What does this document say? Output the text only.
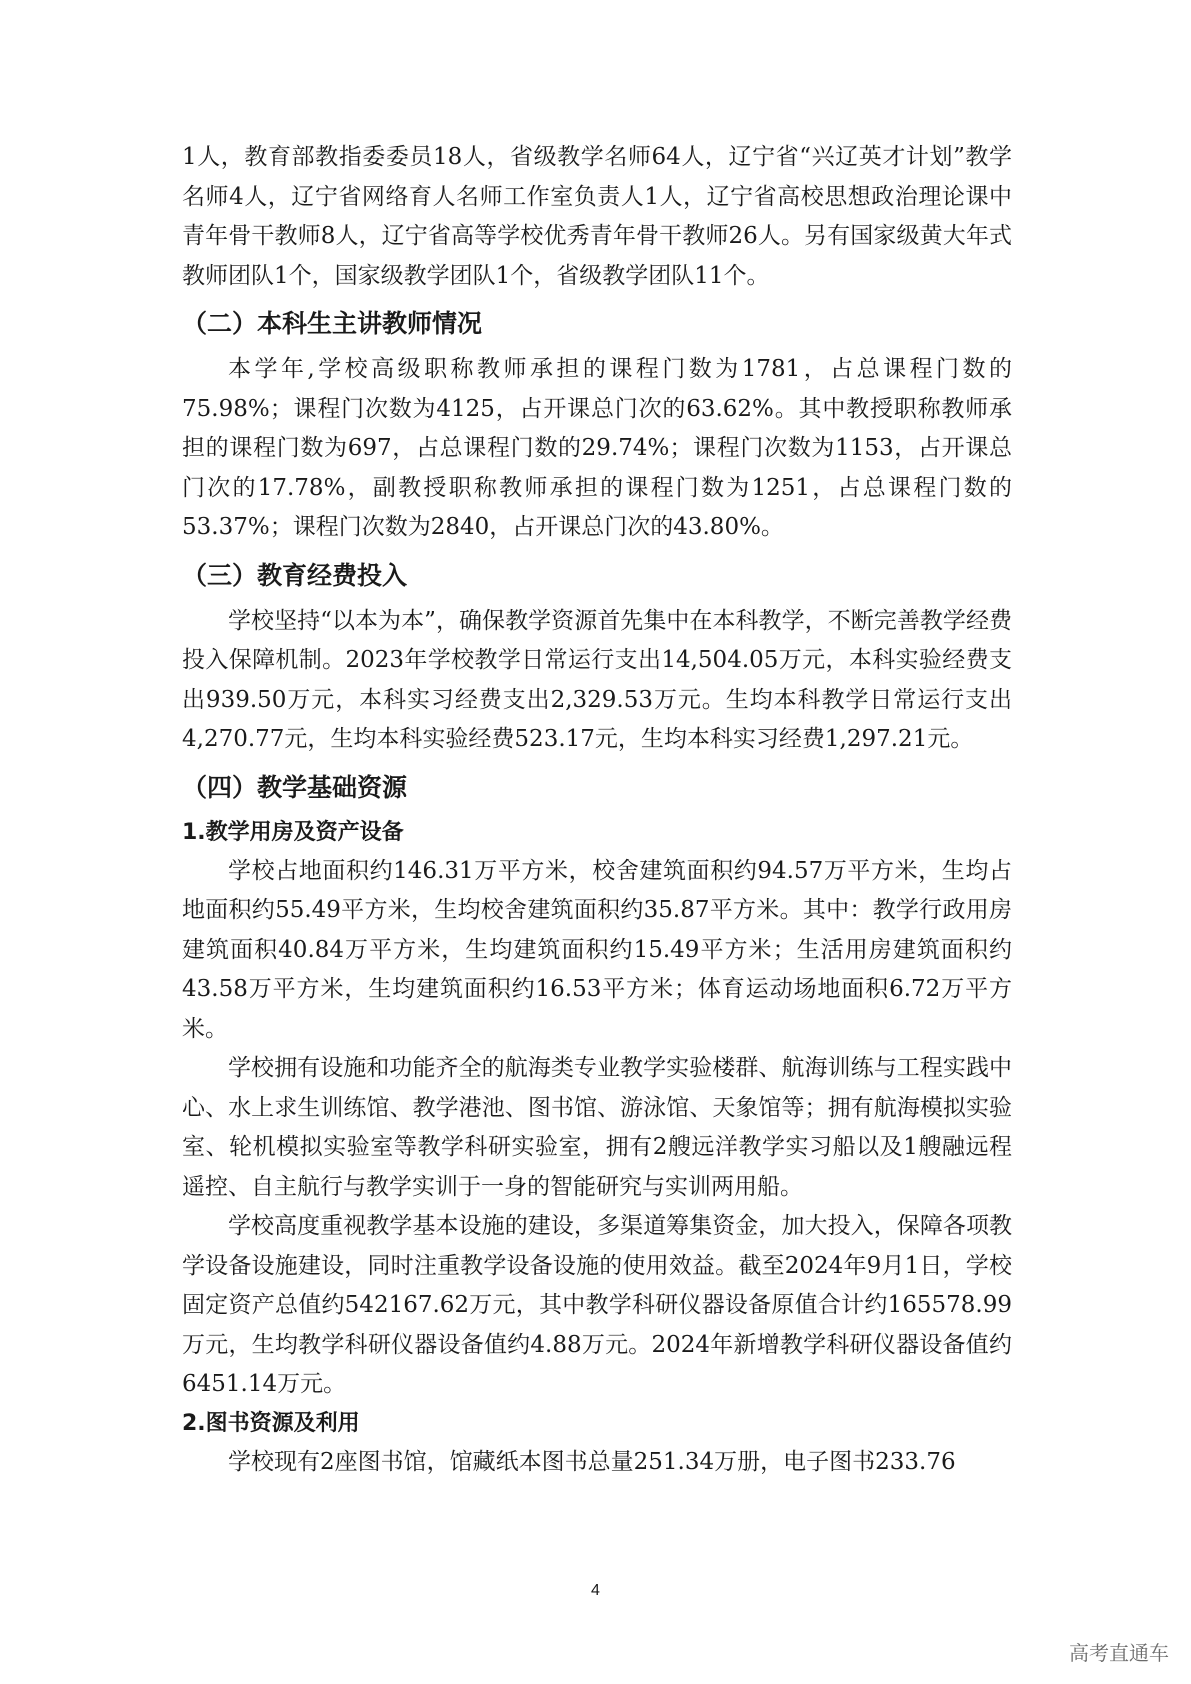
1人，教育部教指委委员18人，省级教学名师64人，辽宁省“兴辽英才计划”教学名师4人，辽宁省网络育人名师工作室负责人1人，辽宁省高校思想政治理论课中青年骨干教师8人，辽宁省高等学校优秀青年骨干教师26人。另有国家级黄大年式教师团队1个，国家级教学团队1个，省级教学团队11个。

（二）本科生主讲教师情况

本学年,学校高级职称教师承担的课程门数为1781，占总课程门数的75.98%；课程门次数为4125，占开课总门次的63.62%。其中教授职称教师承担的课程门数为697，占总课程门数的29.74%；课程门次数为1153，占开课总门次的17.78%，副教授职称教师承担的课程门数为1251，占总课程门数的53.37%；课程门次数为2840，占开课总门次的43.80%。

（三）教育经费投入

学校坚持“以本为本”，确保教学资源首先集中在本科教学，不断完善教学经费投入保障机制。2023年学校教学日常运行支出14,504.05万元，本科实验经费支出939.50万元，本科实习经费支出2,329.53万元。生均本科教学日常运行支出4,270.77元，生均本科实验经费523.17元，生均本科实习经费1,297.21元。

（四）教学基础资源
1.教学用房及资产设备

学校占地面积约146.31万平方米，校舍建筑面积约94.57万平方米，生均占地面积约55.49平方米，生均校舍建筑面积约35.87平方米。其中：教学行政用房建筑面积40.84万平方米，生均建筑面积约15.49平方米；生活用房建筑面积约43.58万平方米，生均建筑面积约16.53平方米；体育运动场地面积6.72万平方米。

学校拥有设施和功能齐全的航海类专业教学实验楼群、航海训练与工程实践中心、水上求生训练馆、教学港池、图书馆、游泳馆、天象馆等；拥有航海模拟实验室、轮机模拟实验室等教学科研实验室，拥有2艘远洋教学实习船以及1艘融远程遥控、自主航行与教学实训于一身的智能研究与实训两用船。

学校高度重视教学基本设施的建设，多渠道筹集资金，加大投入，保障各项教学设备设施建设，同时注重教学设备设施的使用效益。截至2024年9月1日，学校固定资产总值约542167.62万元，其中教学科研仪器设备原值合计约165578.99万元，生均教学科研仪器设备值约4.88万元。2024年新增教学科研仪器设备值约6451.14万元。

2.图书资源及利用

学校现有2座图书馆，馆藏纸本图书总量251.34万册，电子图书233.76

4
高考直通车
